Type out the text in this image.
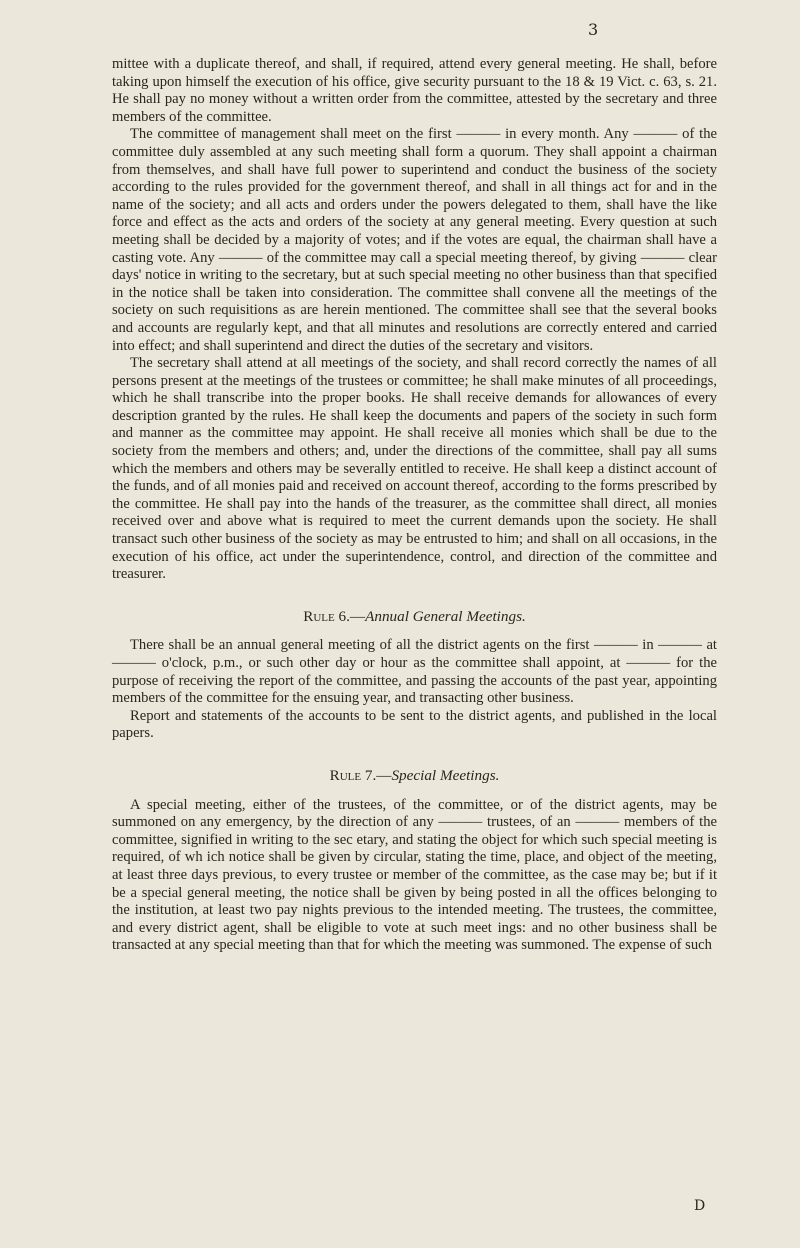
3

mittee with a duplicate thereof, and shall, if required, attend every general meeting. He shall, before taking upon himself the execution of his office, give security pursuant to the 18 & 19 Vict. c. 63, s. 21. He shall pay no money without a written order from the committee, attested by the secretary and three members of the committee.

The committee of management shall meet on the first ——— in every month. Any ——— of the committee duly assembled at any such meeting shall form a quorum. They shall appoint a chairman from themselves, and shall have full power to superintend and conduct the business of the society according to the rules provided for the government thereof, and shall in all things act for and in the name of the society; and all acts and orders under the powers delegated to them, shall have the like force and effect as the acts and orders of the society at any general meeting. Every question at such meeting shall be decided by a majority of votes; and if the votes are equal, the chairman shall have a casting vote. Any ——— of the committee may call a special meeting thereof, by giving ——— clear days' notice in writing to the secretary, but at such special meeting no other business than that specified in the notice shall be taken into consideration. The committee shall convene all the meetings of the society on such requisitions as are herein mentioned. The committee shall see that the several books and accounts are regularly kept, and that all minutes and resolutions are correctly entered and carried into effect; and shall superintend and direct the duties of the secretary and visitors.

The secretary shall attend at all meetings of the society, and shall record correctly the names of all persons present at the meetings of the trustees or committee; he shall make minutes of all proceedings, which he shall transcribe into the proper books. He shall receive demands for allowances of every description granted by the rules. He shall keep the documents and papers of the society in such form and manner as the committee may appoint. He shall receive all monies which shall be due to the society from the members and others; and, under the directions of the committee, shall pay all sums which the members and others may be severally entitled to receive. He shall keep a distinct account of the funds, and of all monies paid and received on account thereof, according to the forms prescribed by the committee. He shall pay into the hands of the treasurer, as the committee shall direct, all monies received over and above what is required to meet the current demands upon the society. He shall transact such other business of the society as may be entrusted to him; and shall on all occasions, in the execution of his office, act under the superintendence, control, and direction of the committee and treasurer.

Rule 6.—Annual General Meetings.

There shall be an annual general meeting of all the district agents on the first ——— in ——— at ——— o'clock, p.m., or such other day or hour as the committee shall appoint, at ——— for the purpose of receiving the report of the committee, and passing the accounts of the past year, appointing members of the committee for the ensuing year, and transacting other business.

Report and statements of the accounts to be sent to the district agents, and published in the local papers.

Rule 7.—Special Meetings.

A special meeting, either of the trustees, of the committee, or of the district agents, may be summoned on any emergency, by the direction of any ——— trustees, of an ——— members of the committee, signified in writing to the sec etary, and stating the object for which such special meeting is required, of wh ich notice shall be given by circular, stating the time, place, and object of the meeting, at least three days previous, to every trustee or member of the committee, as the case may be; but if it be a special general meeting, the notice shall be given by being posted in all the offices belonging to the institution, at least two pay nights previous to the intended meeting. The trustees, the committee, and every district agent, shall be eligible to vote at such meet ings: and no other business shall be transacted at any special meeting than that for which the meeting was summoned. The expense of such

D
